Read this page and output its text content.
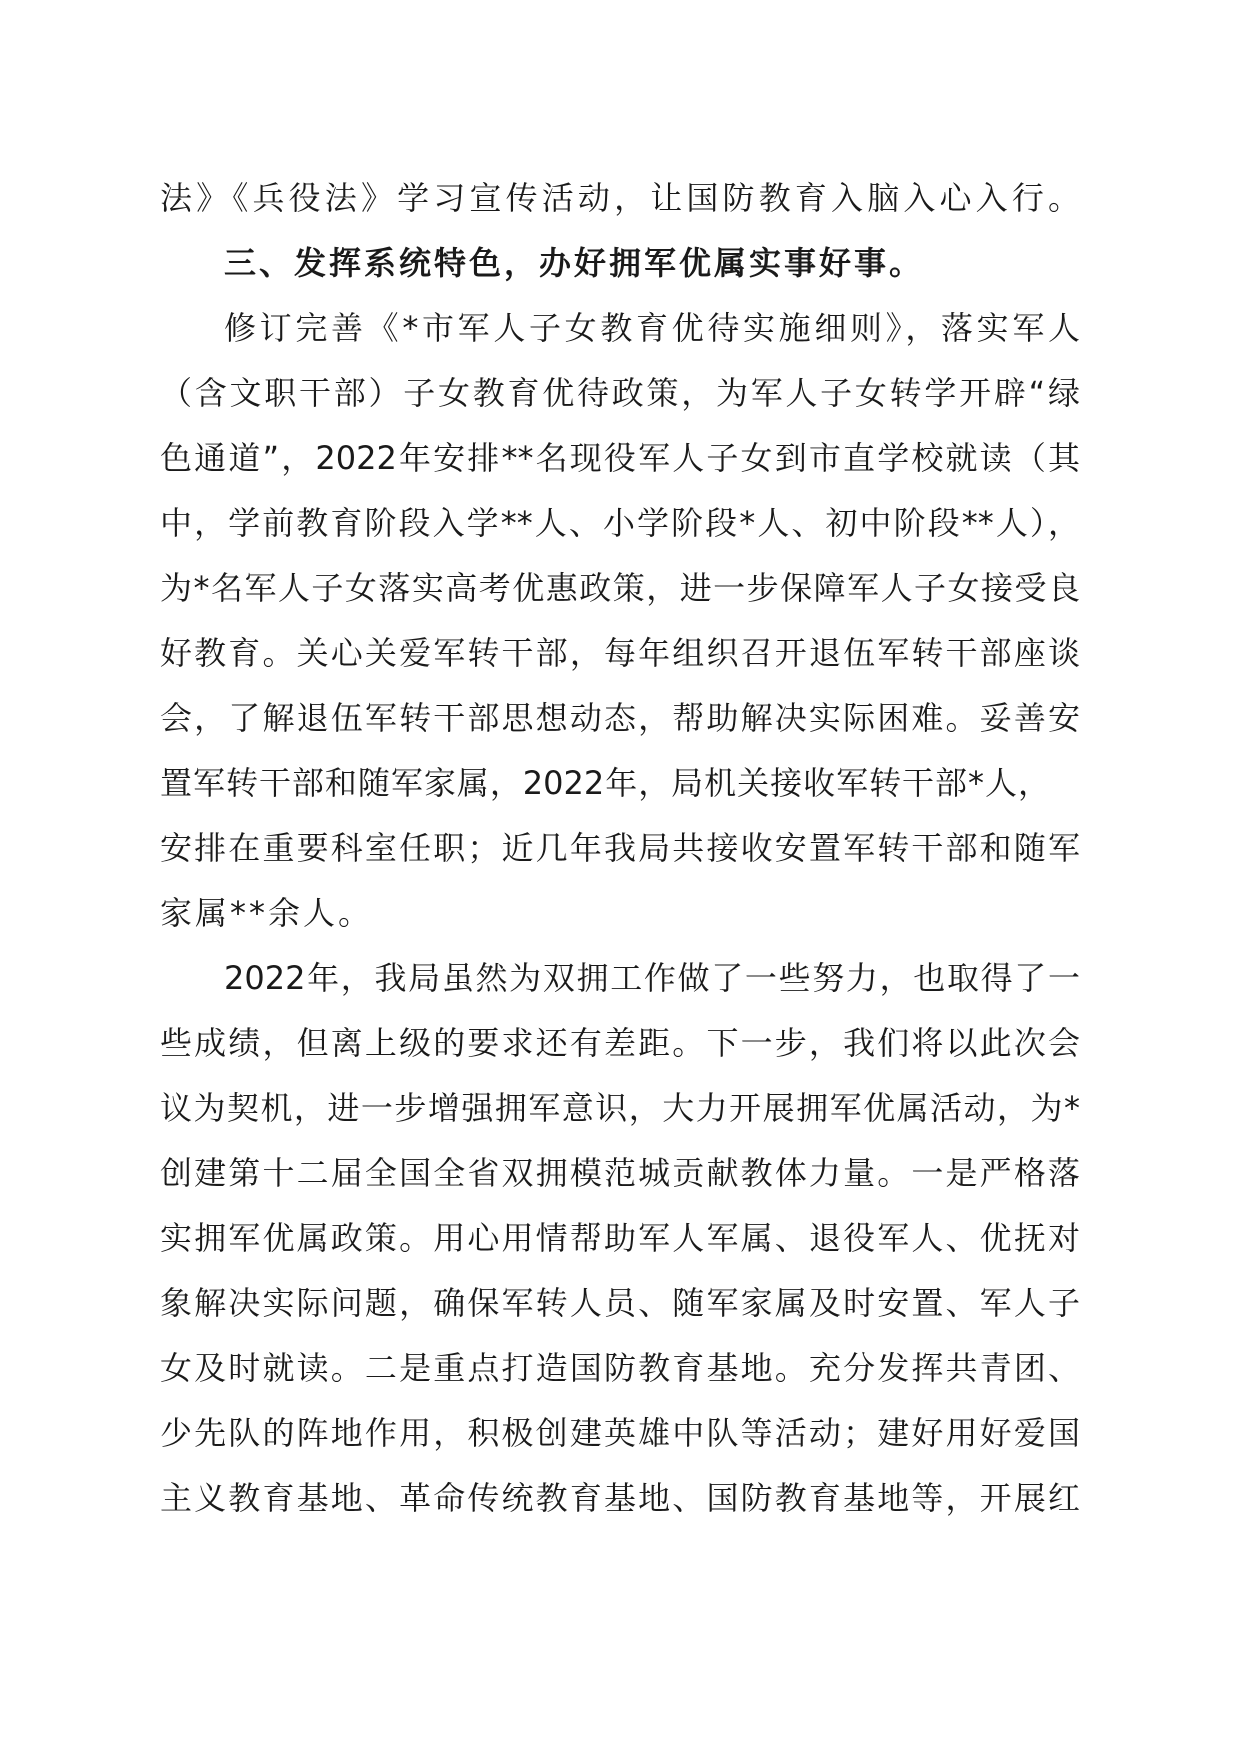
法》《兵役法》学习宣传活动，让国防教育入脑入心入行。
三、发挥系统特色，办好拥军优属实事好事。
修订完善《*市军人子女教育优待实施细则》，落实军人
（含文职干部）子女教育优待政策，为军人子女转学开辟“绿
色通道”，2022年安排**名现役军人子女到市直学校就读（其
中，学前教育阶段入学**人、小学阶段*人、初中阶段**人），
为*名军人子女落实高考优惠政策，进一步保障军人子女接受良
好教育。关心关爱军转干部，每年组织召开退伍军转干部座谈
会，了解退伍军转干部思想动态，帮助解决实际困难。妥善安
置军转干部和随军家属，2022年，局机关接收军转干部*人，
安排在重要科室任职；近几年我局共接收安置军转干部和随军
家属**余人。
2022年，我局虽然为双拥工作做了一些努力，也取得了一
些成绩，但离上级的要求还有差距。下一步，我们将以此次会
议为契机，进一步增强拥军意识，大力开展拥军优属活动，为*
创建第十二届全国全省双拥模范城贡献教体力量。一是严格落
实拥军优属政策。用心用情帮助军人军属、退役军人、优抚对
象解决实际问题，确保军转人员、随军家属及时安置、军人子
女及时就读。二是重点打造国防教育基地。充分发挥共青团、
少先队的阵地作用，积极创建英雄中队等活动；建好用好爱国
主义教育基地、革命传统教育基地、国防教育基地等，开展红
